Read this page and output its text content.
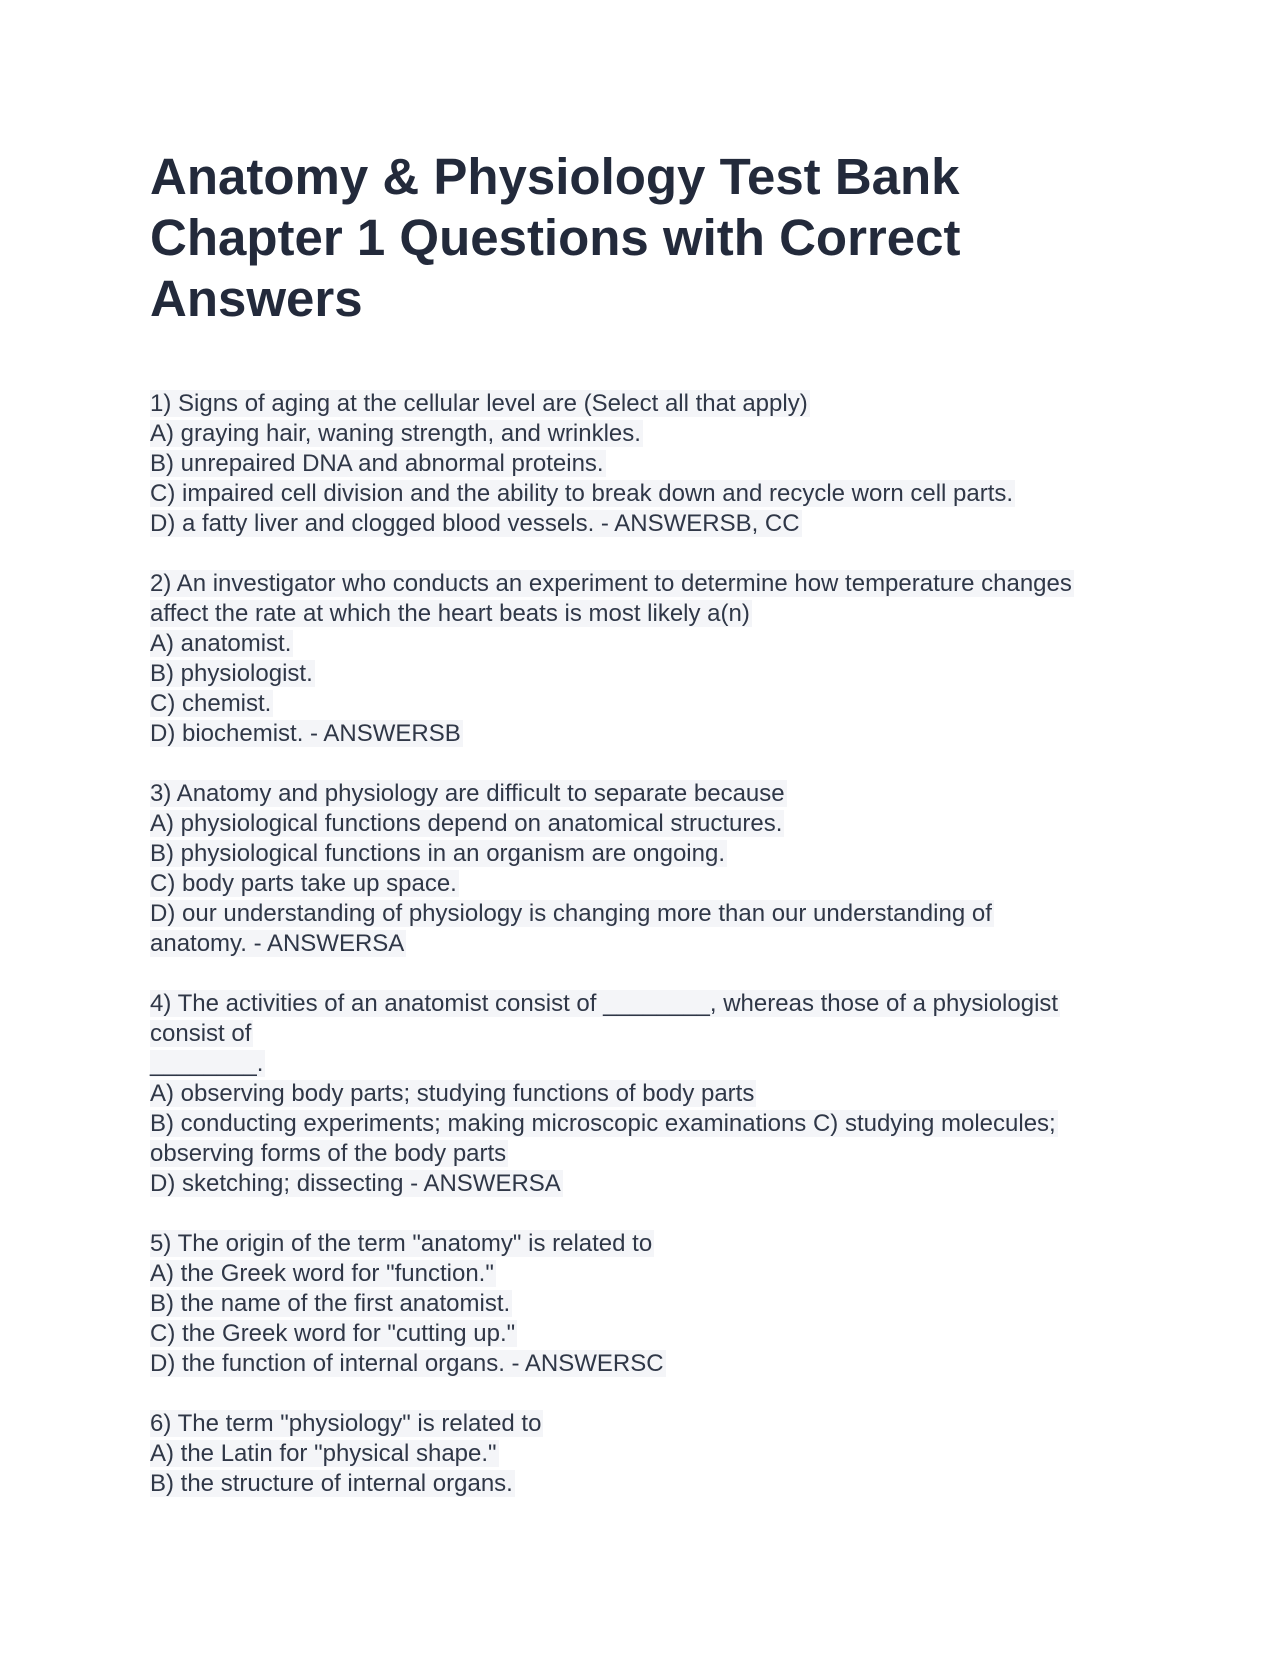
Anatomy & Physiology Test Bank
Chapter 1 Questions with Correct
Answers
1) Signs of aging at the cellular level are (Select all that apply)
A) graying hair, waning strength, and wrinkles.
B) unrepaired DNA and abnormal proteins.
C) impaired cell division and the ability to break down and recycle worn cell parts.
D) a fatty liver and clogged blood vessels. - ANSWERSB, CC
2) An investigator who conducts an experiment to determine how temperature changes
affect the rate at which the heart beats is most likely a(n)
A) anatomist.
B) physiologist.
C) chemist.
D) biochemist. - ANSWERSB
3) Anatomy and physiology are difficult to separate because
A) physiological functions depend on anatomical structures.
B) physiological functions in an organism are ongoing.
C) body parts take up space.
D) our understanding of physiology is changing more than our understanding of
anatomy. - ANSWERSA
4) The activities of an anatomist consist of ________, whereas those of a physiologist
consist of
________.
A) observing body parts; studying functions of body parts
B) conducting experiments; making microscopic examinations C) studying molecules;
observing forms of the body parts
D) sketching; dissecting - ANSWERSA
5) The origin of the term "anatomy" is related to
A) the Greek word for "function."
B) the name of the first anatomist.
C) the Greek word for "cutting up."
D) the function of internal organs. - ANSWERSC
6) The term "physiology" is related to
A) the Latin for "physical shape."
B) the structure of internal organs.
